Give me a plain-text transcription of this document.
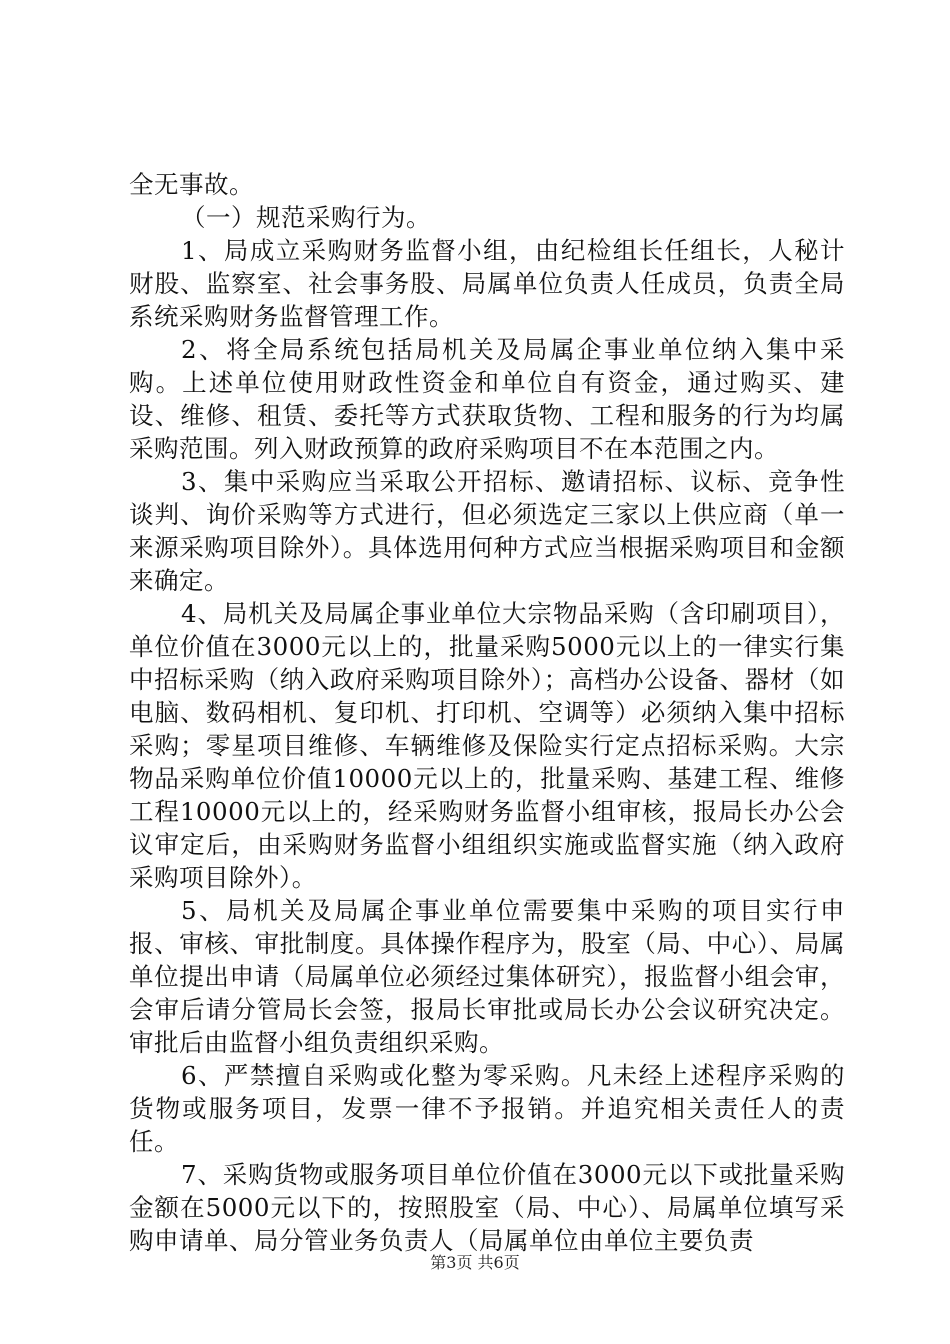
全无事故。

（一）规范采购行为。

1、局成立采购财务监督小组，由纪检组长任组长，人秘计财股、监察室、社会事务股、局属单位负责人任成员，负责全局系统采购财务监督管理工作。

2、将全局系统包括局机关及局属企事业单位纳入集中采购。上述单位使用财政性资金和单位自有资金，通过购买、建设、维修、租赁、委托等方式获取货物、工程和服务的行为均属采购范围。列入财政预算的政府采购项目不在本范围之内。

3、集中采购应当采取公开招标、邀请招标、议标、竞争性谈判、询价采购等方式进行，但必须选定三家以上供应商（单一来源采购项目除外）。具体选用何种方式应当根据采购项目和金额来确定。

4、局机关及局属企事业单位大宗物品采购（含印刷项目），单位价值在3000元以上的，批量采购5000元以上的一律实行集中招标采购（纳入政府采购项目除外）；高档办公设备、器材（如电脑、数码相机、复印机、打印机、空调等）必须纳入集中招标采购；零星项目维修、车辆维修及保险实行定点招标采购。大宗物品采购单位价值10000元以上的，批量采购、基建工程、维修工程10000元以上的，经采购财务监督小组审核，报局长办公会议审定后，由采购财务监督小组组织实施或监督实施（纳入政府采购项目除外）。

5、局机关及局属企事业单位需要集中采购的项目实行申报、审核、审批制度。具体操作程序为，股室（局、中心）、局属单位提出申请（局属单位必须经过集体研究），报监督小组会审，会审后请分管局长会签，报局长审批或局长办公会议研究决定。审批后由监督小组负责组织采购。

6、严禁擅自采购或化整为零采购。凡未经上述程序采购的货物或服务项目，发票一律不予报销。并追究相关责任人的责任。

7、采购货物或服务项目单位价值在3000元以下或批量采购金额在5000元以下的，按照股室（局、中心）、局属单位填写采购申请单、局分管业务负责人（局属单位由单位主要负责

第3页 共6页
